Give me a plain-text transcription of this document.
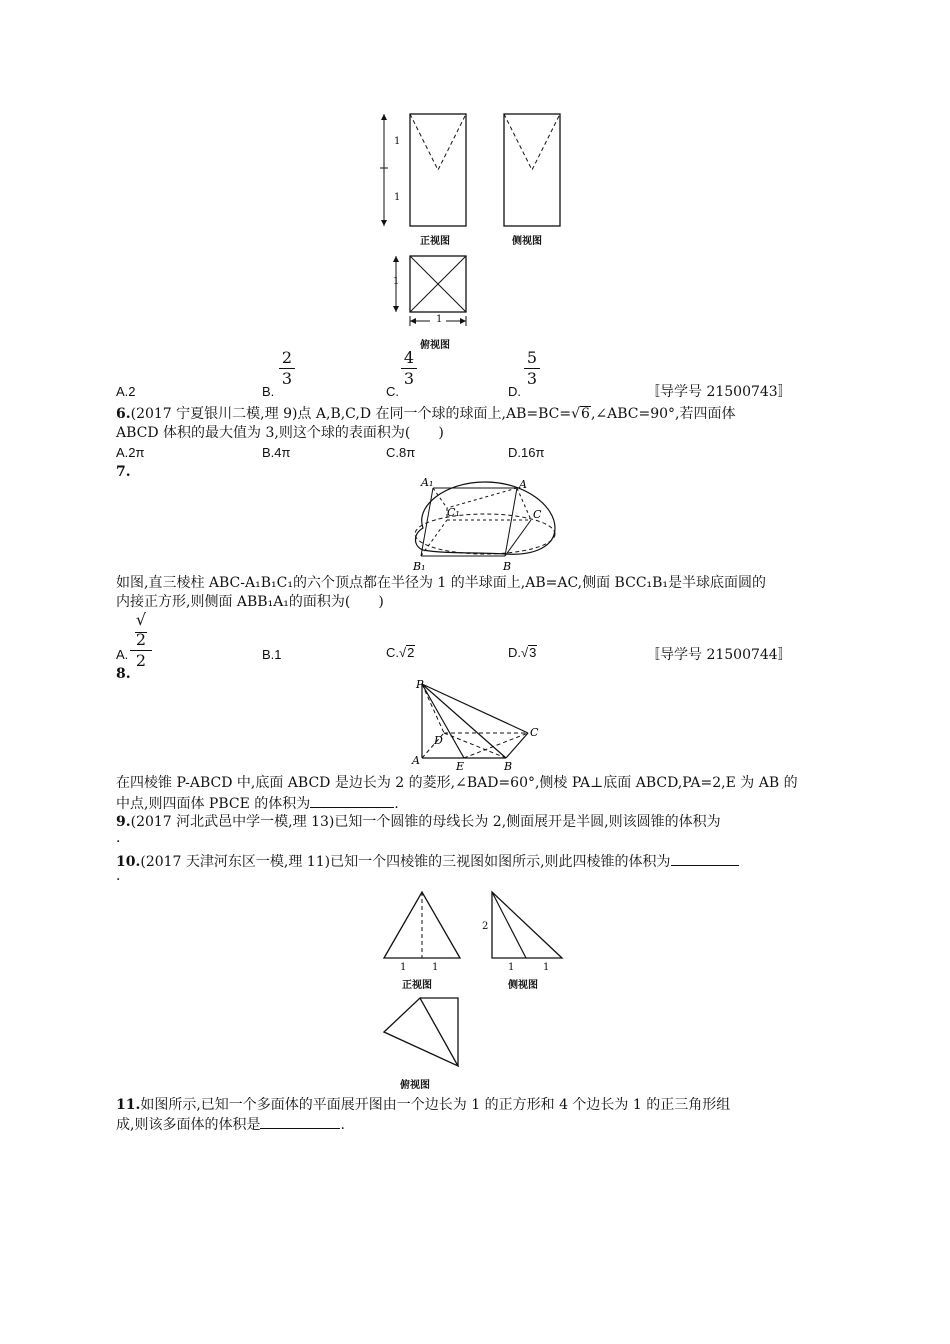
1
1
正视图	侧视图
1
1
俯视图
A.2	B.
$\frac{2}{3}$
C.
$\frac{4}{3}$
D.
$\frac{5}{3}$
〚导学号 21500743〛
6.(2017 宁夏银川二模,理 9)点 A,B,C,D 在同一个球的球面上,AB=BC=√6,∠ABC=90°,若四面体
ABCD 体积的最大值为 3,则这个球的表面积为(　　)
A.2π	B.4π	C.8π	D.16π
7.
A₁	A
C₁	C
B₁	B
如图,直三棱柱 ABC-A₁B₁C₁的六个顶点都在半径为 1 的半球面上,AB=AC,侧面 BCC₁B₁是半球底面圆的
内接正方形,则侧面 ABB₁A₁的面积为(　　)
A. $\frac{√2}{2}$	B.1	C.√2	D.√3	〚导学号 21500744〛
8.
P
D
C
A	E	B
在四棱锥 P-ABCD 中,底面 ABCD 是边长为 2 的菱形,∠BAD=60°,侧棱 PA⊥底面 ABCD,PA=2,E 为 AB 的
中点,则四面体 PBCE 的体积为	.
9.(2017 河北武邑中学一模,理 13)已知一个圆锥的母线长为 2,侧面展开是半圆,则该圆锥的体积为
.
10.(2017 天津河东区一模,理 11)已知一个四棱锥的三视图如图所示,则此四棱锥的体积为
.
1	1
正视图
2
1	1
侧视图
俯视图
11.如图所示,已知一个多面体的平面展开图由一个边长为 1 的正方形和 4 个边长为 1 的正三角形组
成,则该多面体的体积是	.
